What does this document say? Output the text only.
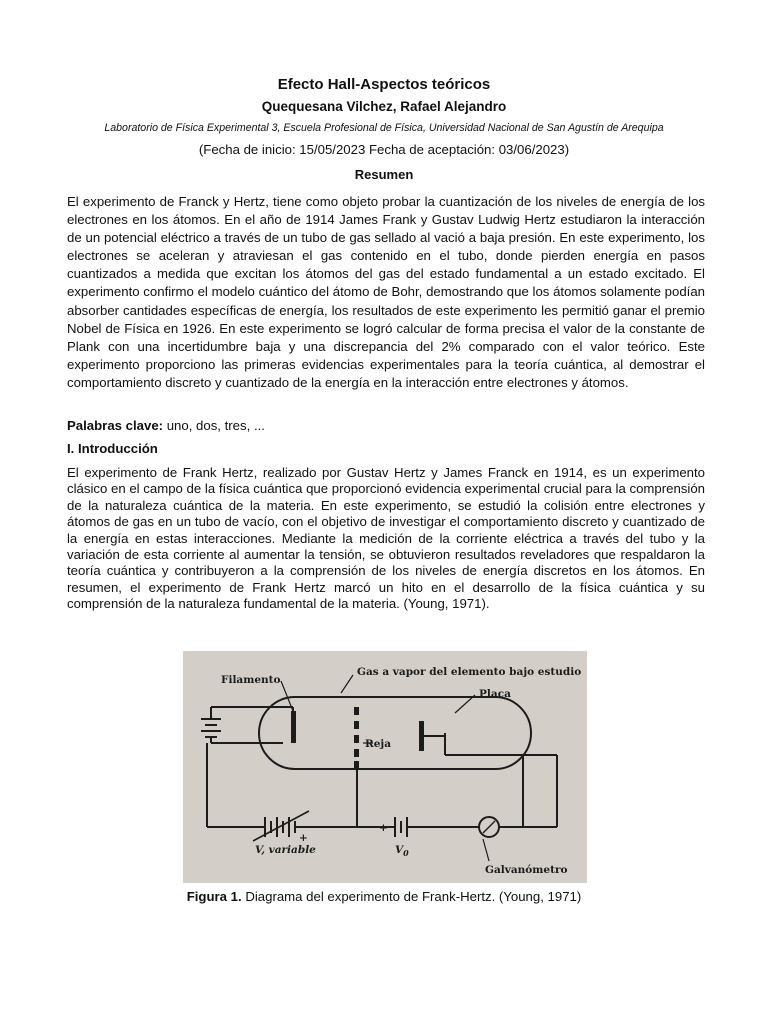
Efecto Hall-Aspectos teóricos
Quequesana Vilchez, Rafael Alejandro
Laboratorio de Física Experimental 3, Escuela Profesional de Física, Universidad Nacional de San Agustín de Arequipa
(Fecha de inicio: 15/05/2023 Fecha de aceptación: 03/06/2023)
Resumen

El experimento de Franck y Hertz, tiene como objeto probar la cuantización de los niveles de energía de los electrones en los átomos. En el año de 1914 James Frank y Gustav Ludwig Hertz estudiaron la interacción de un potencial eléctrico a través de un tubo de gas sellado al vació a baja presión. En este experimento, los electrones se aceleran y atraviesan el gas contenido en el tubo, donde pierden energía en pasos cuantizados a medida que excitan los átomos del gas del estado fundamental a un estado excitado. El experimento confirmo el modelo cuántico del átomo de Bohr, demostrando que los átomos solamente podían absorber cantidades específicas de energía, los resultados de este experimento les permitió ganar el premio Nobel de Física en 1926. En este experimento se logró calcular de forma precisa el valor de la constante de Plank con una incertidumbre baja y una discrepancia del 2% comparado con el valor teórico. Este experimento proporciono las primeras evidencias experimentales para la teoría cuántica, al demostrar el comportamiento discreto y cuantizado de la energía en la interacción entre electrones y átomos.

Palabras clave: uno, dos, tres, ...

I. Introducción

El experimento de Frank Hertz, realizado por Gustav Hertz y James Franck en 1914, es un experimento clásico en el campo de la física cuántica que proporcionó evidencia experimental crucial para la comprensión de la naturaleza cuántica de la materia. En este experimento, se estudió la colisión entre electrones y átomos de gas en un tubo de vacío, con el objetivo de investigar el comportamiento discreto y cuantizado de la energía en estas interacciones. Mediante la medición de la corriente eléctrica a través del tubo y la variación de esta corriente al aumentar la tensión, se obtuvieron resultados reveladores que respaldaron la teoría cuántica y contribuyeron a la comprensión de los niveles de energía discretos en los átomos. En resumen, el experimento de Frank Hertz marcó un hito en el desarrollo de la física cuántica y su comprensión de la naturaleza fundamental de la materia. (Young, 1971).

Filamento
Gas a vapor del elemento bajo estudio
Placa
Reja
+
+
V, variable	$V_0$
Galvanómetro
Figura 1. Diagrama del experimento de Frank-Hertz. (Young, 1971)
